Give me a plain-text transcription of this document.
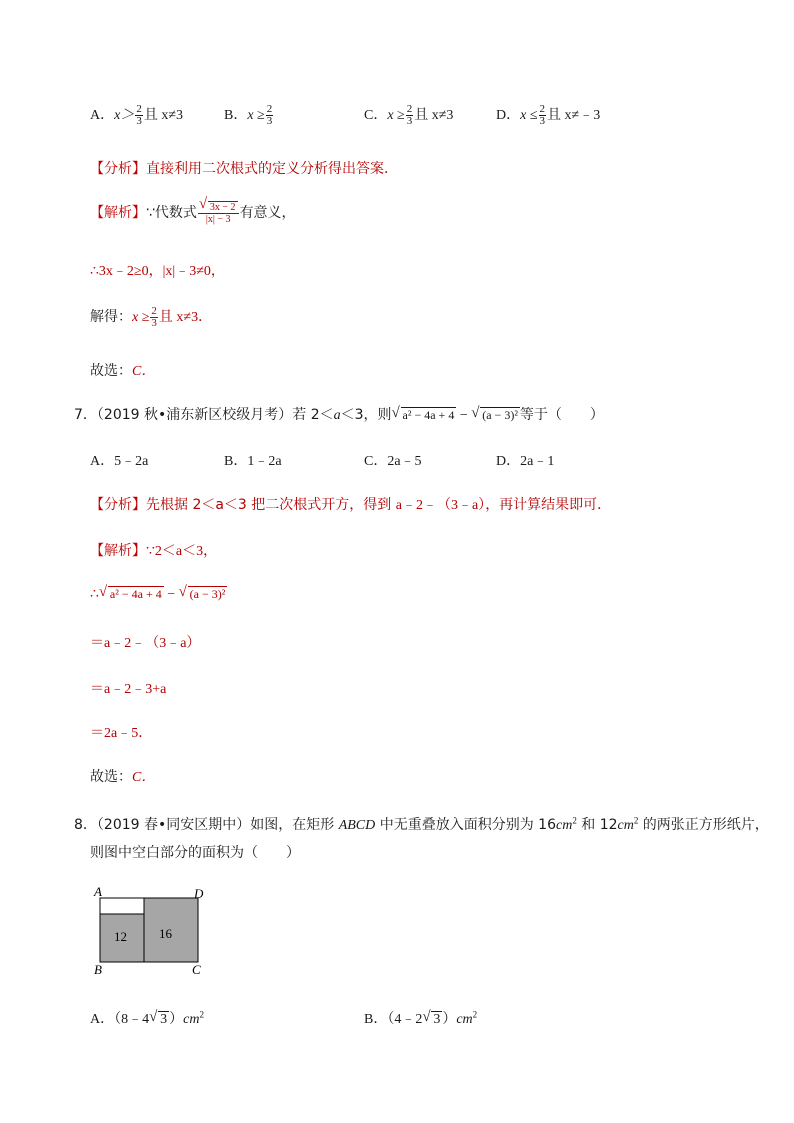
A．$x> \frac{2}{3}$ 且 x≠3	B．$x \ge \frac{2}{3}$	C．$x \ge \frac{2}{3}$ 且 x≠3	D．$x \le \frac{2}{3}$ 且 x≠﹣3
【分析】直接利用二次根式的定义分析得出答案．
【解析】∵代数式 $\frac{√ 3x - 2}{|x| - 3}$ 有意义，
∴3x﹣2≥0，|x|﹣3≠0，
解得：$x \ge \frac{2}{3}$ 且 x≠3．
故选：C．
7．（2019 秋•浦东新区校级月考）若 2＜a＜3，则 √ a² − 4a + 4 − √ (a − 3)² 等于（　　）
A．5﹣2a	B．1﹣2a	C．2a﹣5	D．2a﹣1
【分析】先根据 2＜a＜3 把二次根式开方，得到 a﹣2﹣（3﹣a），再计算结果即可．
【解析】∵2＜a＜3，
∴ √ a² − 4a + 4 − √ (a − 3)²
＝a﹣2﹣（3﹣a）
＝a﹣2﹣3+a
＝2a﹣5．
故选：C．
8．（2019 春•同安区期中）如图，在矩形 ABCD 中无重叠放入面积分别为 $16cm^2$ 和 $12cm^2$ 的两张正方形纸片，
则图中空白部分的面积为（　　）
12 16
A	D
B	C
A．（8﹣4 √ 3 ）$cm^2$	B．（4﹣2 √ 3 ）$cm^2$
